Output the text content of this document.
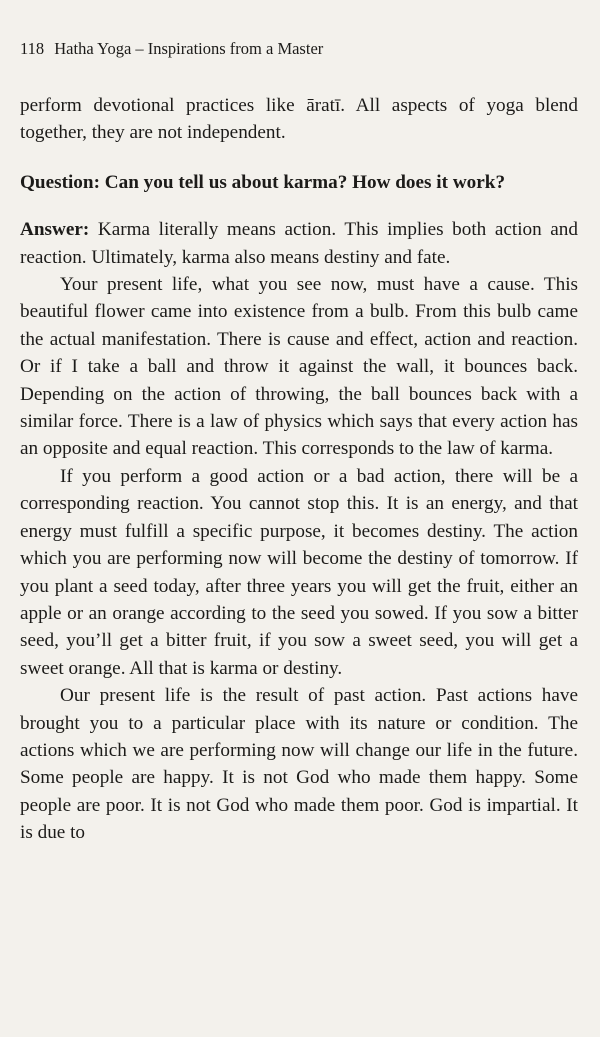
118 Hatha Yoga – Inspirations from a Master

perform devotional practices like āratī. All aspects of yoga blend together, they are not independent.

Question: Can you tell us about karma? How does it work?

Answer: Karma literally means action. This implies both action and reaction. Ultimately, karma also means destiny and fate.

Your present life, what you see now, must have a cause. This beautiful flower came into existence from a bulb. From this bulb came the actual manifestation. There is cause and effect, action and reaction. Or if I take a ball and throw it against the wall, it bounces back. Depending on the action of throwing, the ball bounces back with a similar force. There is a law of physics which says that every action has an opposite and equal reaction. This corresponds to the law of karma.

If you perform a good action or a bad action, there will be a corresponding reaction. You cannot stop this. It is an energy, and that energy must fulfill a specific purpose, it becomes destiny. The action which you are performing now will become the destiny of tomorrow. If you plant a seed today, after three years you will get the fruit, either an apple or an orange according to the seed you sowed. If you sow a bitter seed, you’ll get a bitter fruit, if you sow a sweet seed, you will get a sweet orange. All that is karma or destiny.

Our present life is the result of past action. Past actions have brought you to a particular place with its nature or condition. The actions which we are performing now will change our life in the future. Some people are happy. It is not God who made them happy. Some people are poor. It is not God who made them poor. God is impartial. It is due to
